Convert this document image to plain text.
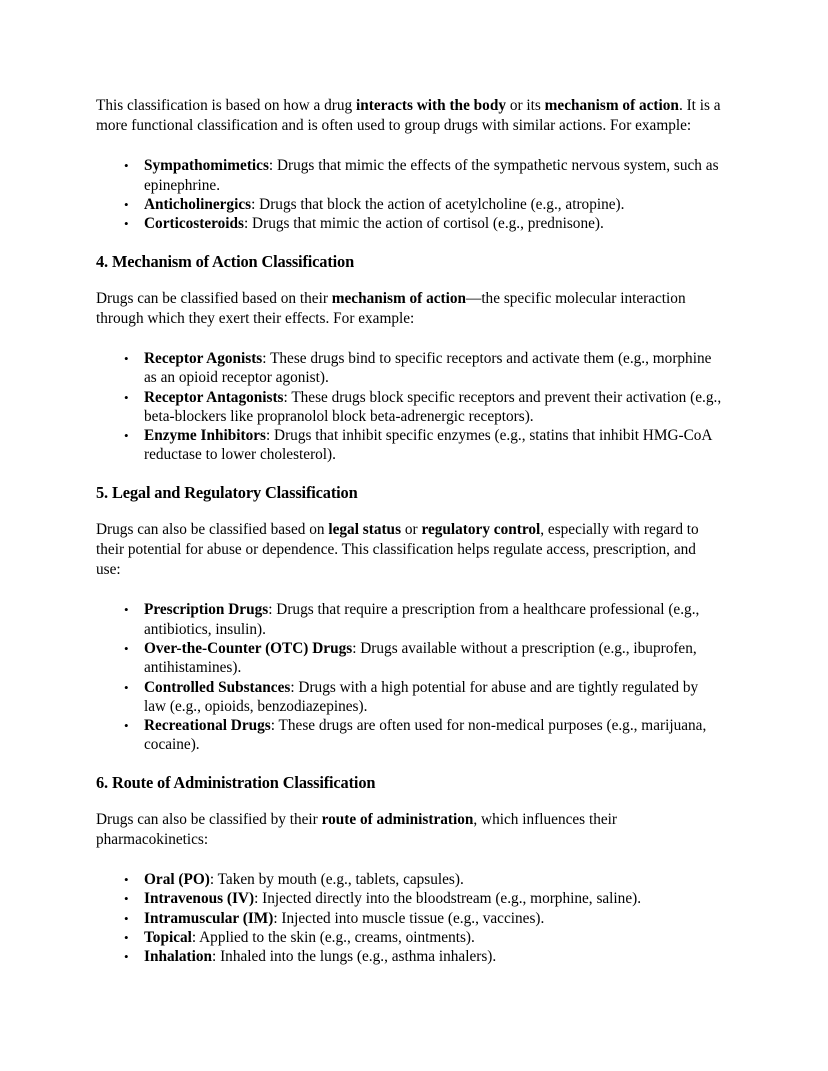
This classification is based on how a drug interacts with the body or its mechanism of action. It is a more functional classification and is often used to group drugs with similar actions. For example:

• Sympathomimetics: Drugs that mimic the effects of the sympathetic nervous system, such as epinephrine.
• Anticholinergics: Drugs that block the action of acetylcholine (e.g., atropine).
• Corticosteroids: Drugs that mimic the action of cortisol (e.g., prednisone).
4. Mechanism of Action Classification

Drugs can be classified based on their mechanism of action—the specific molecular interaction through which they exert their effects. For example:

• Receptor Agonists: These drugs bind to specific receptors and activate them (e.g., morphine as an opioid receptor agonist).
• Receptor Antagonists: These drugs block specific receptors and prevent their activation (e.g., beta-blockers like propranolol block beta-adrenergic receptors).
• Enzyme Inhibitors: Drugs that inhibit specific enzymes (e.g., statins that inhibit HMG-CoA reductase to lower cholesterol).
5. Legal and Regulatory Classification

Drugs can also be classified based on legal status or regulatory control, especially with regard to their potential for abuse or dependence. This classification helps regulate access, prescription, and use:

• Prescription Drugs: Drugs that require a prescription from a healthcare professional (e.g., antibiotics, insulin).
• Over-the-Counter (OTC) Drugs: Drugs available without a prescription (e.g., ibuprofen, antihistamines).
• Controlled Substances: Drugs with a high potential for abuse and are tightly regulated by law (e.g., opioids, benzodiazepines).
• Recreational Drugs: These drugs are often used for non-medical purposes (e.g., marijuana, cocaine).
6. Route of Administration Classification

Drugs can also be classified by their route of administration, which influences their pharmacokinetics:

• Oral (PO): Taken by mouth (e.g., tablets, capsules).
• Intravenous (IV): Injected directly into the bloodstream (e.g., morphine, saline).
• Intramuscular (IM): Injected into muscle tissue (e.g., vaccines).
• Topical: Applied to the skin (e.g., creams, ointments).
• Inhalation: Inhaled into the lungs (e.g., asthma inhalers).
